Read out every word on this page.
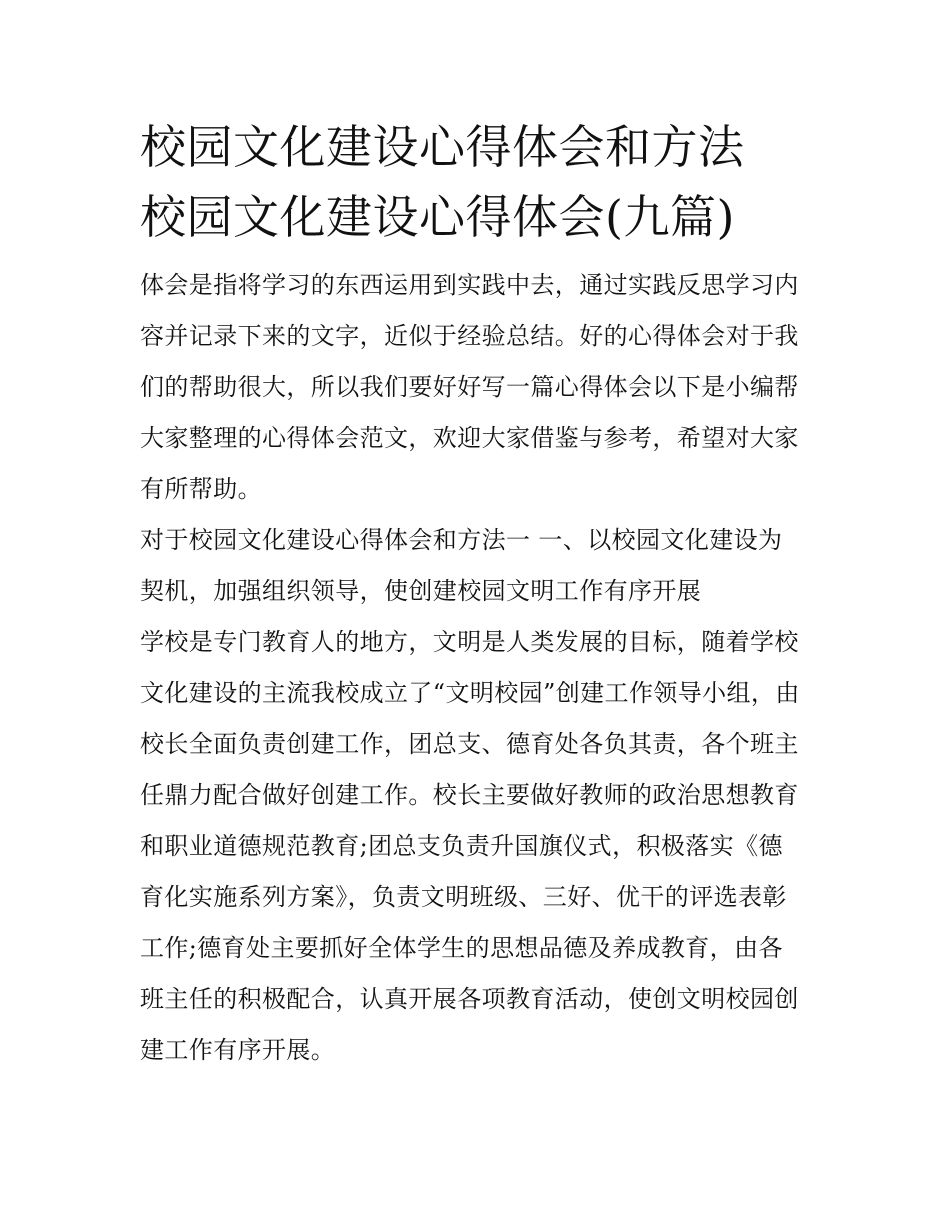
校园文化建设心得体会和方法
校园文化建设心得体会(九篇)

体会是指将学习的东西运用到实践中去，通过实践反思学习内
容并记录下来的文字，近似于经验总结。好的心得体会对于我
们的帮助很大，所以我们要好好写一篇心得体会以下是小编帮
大家整理的心得体会范文，欢迎大家借鉴与参考，希望对大家
有所帮助。

对于校园文化建设心得体会和方法一 一、以校园文化建设为
契机，加强组织领导，使创建校园文明工作有序开展

学校是专门教育人的地方，文明是人类发展的目标，随着学校
文化建设的主流我校成立了“文明校园”创建工作领导小组，由
校长全面负责创建工作，团总支、德育处各负其责，各个班主
任鼎力配合做好创建工作。校长主要做好教师的政治思想教育
和职业道德规范教育;团总支负责升国旗仪式，积极落实《德
育化实施系列方案》，负责文明班级、三好、优干的评选表彰
工作;德育处主要抓好全体学生的思想品德及养成教育，由各
班主任的积极配合，认真开展各项教育活动，使创文明校园创
建工作有序开展。
